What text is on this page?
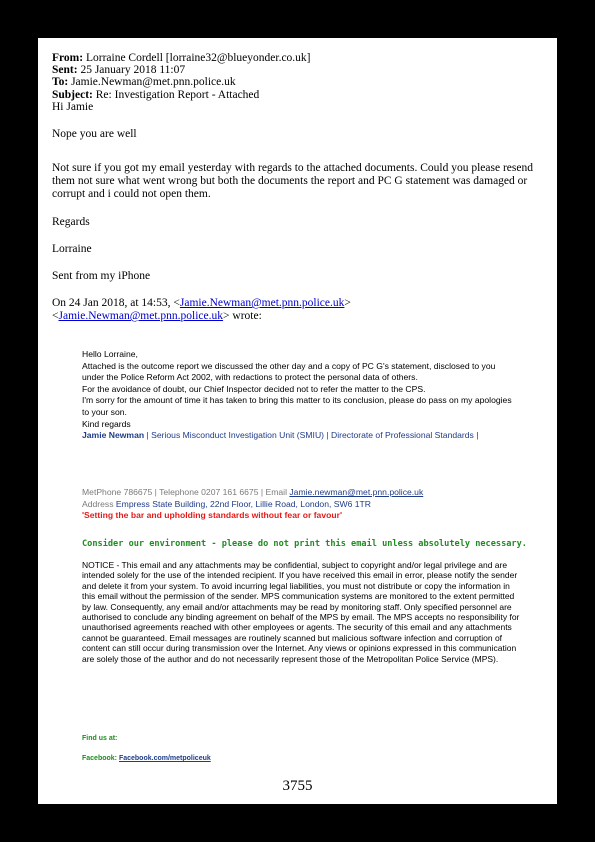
From: Lorraine Cordell [lorraine32@blueyonder.co.uk]
Sent: 25 January 2018 11:07
To: Jamie.Newman@met.pnn.police.uk
Subject: Re: Investigation Report - Attached
Hi Jamie

Nope you are well

Not sure if you got my email yesterday with regards to the attached documents. Could you please resend them not sure what went wrong but both the documents the report and PC G statement was damaged or corrupt and i could not open them.

Regards

Lorraine

Sent from my iPhone

On 24 Jan 2018, at 14:53, <Jamie.Newman@met.pnn.police.uk>
<Jamie.Newman@met.pnn.police.uk> wrote:
Hello Lorraine,
Attached is the outcome report we discussed the other day and a copy of PC G's statement, disclosed to you under the Police Reform Act 2002, with redactions to protect the personal data of others.
For the avoidance of doubt, our Chief Inspector decided not to refer the matter to the CPS.
I'm sorry for the amount of time it has taken to bring this matter to its conclusion, please do pass on my apologies to your son.
Kind regards
Jamie Newman | Serious Misconduct Investigation Unit (SMIU) | Directorate of Professional Standards |
MetPhone 786675 | Telephone 0207 161 6675 | Email Jamie.newman@met.pnn.police.uk
Address Empress State Building, 22nd Floor, Lillie Road, London, SW6 1TR
'Setting the bar and upholding standards without fear or favour'
Consider our environment - please do not print this email unless absolutely necessary.

NOTICE - This email and any attachments may be confidential, subject to copyright and/or legal privilege and are intended solely for the use of the intended recipient. If you have received this email in error, please notify the sender and delete it from your system. To avoid incurring legal liabilities, you must not distribute or copy the information in this email without the permission of the sender. MPS communication systems are monitored to the extent permitted by law. Consequently, any email and/or attachments may be read by monitoring staff. Only specified personnel are authorised to conclude any binding agreement on behalf of the MPS by email. The MPS accepts no responsibility for unauthorised agreements reached with other employees or agents. The security of this email and any attachments cannot be guaranteed. Email messages are routinely scanned but malicious software infection and corruption of content can still occur during transmission over the Internet. Any views or opinions expressed in this communication are solely those of the author and do not necessarily represent those of the Metropolitan Police Service (MPS).

Find us at:
Facebook: Facebook.com/metpoliceuk
3755
